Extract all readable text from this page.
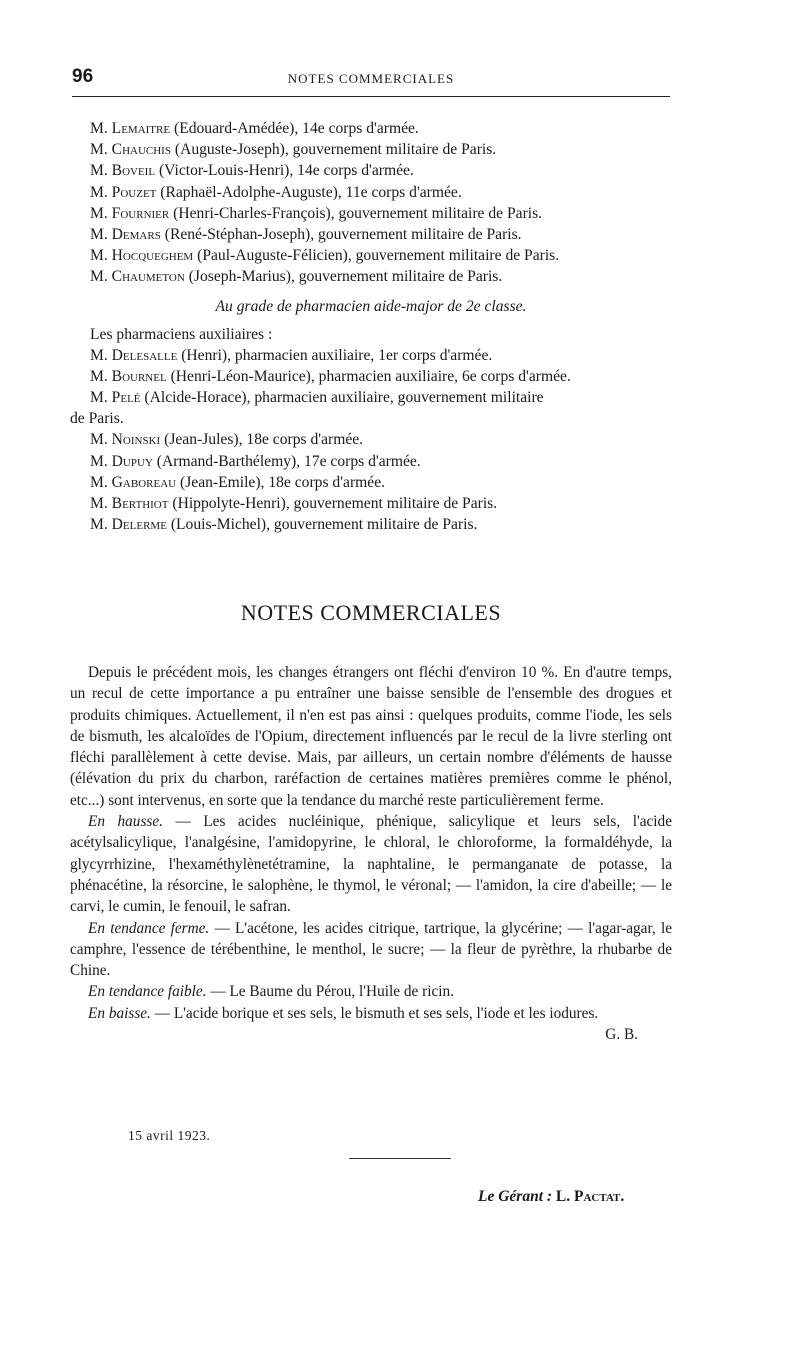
96	NOTES COMMERCIALES
M. Lemaitre (Edouard-Amédée), 14e corps d'armée.
M. Chauchis (Auguste-Joseph), gouvernement militaire de Paris.
M. Boveil (Victor-Louis-Henri), 14e corps d'armée.
M. Pouzet (Raphaël-Adolphe-Auguste), 11e corps d'armée.
M. Fournier (Henri-Charles-François), gouvernement militaire de Paris.
M. Demars (René-Stéphan-Joseph), gouvernement militaire de Paris.
M. Hocqueghem (Paul-Auguste-Félicien), gouvernement militaire de Paris.
M. Chaumeton (Joseph-Marius), gouvernement militaire de Paris.
Au grade de pharmacien aide-major de 2e classe.
Les pharmaciens auxiliaires :
M. Delesalle (Henri), pharmacien auxiliaire, 1er corps d'armée.
M. Bournel (Henri-Léon-Maurice), pharmacien auxiliaire, 6e corps d'armée.
M. Pelé (Alcide-Horace), pharmacien auxiliaire, gouvernement militaire
de Paris.
M. Noinski (Jean-Jules), 18e corps d'armée.
M. Dupuy (Armand-Barthélemy), 17e corps d'armée.
M. Gaboreau (Jean-Emile), 18e corps d'armée.
M. Berthiot (Hippolyte-Henri), gouvernement militaire de Paris.
M. Delerme (Louis-Michel), gouvernement militaire de Paris.
NOTES COMMERCIALES

Depuis le précédent mois, les changes étrangers ont fléchi d'environ 10 %. En d'autre temps, un recul de cette importance a pu entraîner une baisse sensible de l'ensemble des drogues et produits chimiques. Actuellement, il n'en est pas ainsi : quelques produits, comme l'iode, les sels de bismuth, les alcaloïdes de l'Opium, directement influencés par le recul de la livre sterling ont fléchi parallèlement à cette devise. Mais, par ailleurs, un certain nombre d'éléments de hausse (élévation du prix du charbon, raréfaction de certaines matières premières comme le phénol, etc...) sont intervenus, en sorte que la tendance du marché reste particulièrement ferme.

En hausse. — Les acides nucléinique, phénique, salicylique et leurs sels, l'acide acétylsalicylique, l'analgésine, l'amidopyrine, le chloral, le chloroforme, la formaldéhyde, la glycyrrhizine, l'hexaméthylènetétramine, la naphtaline, le permanganate de potasse, la phénacétine, la résorcine, le salophène, le thymol, le véronal; — l'amidon, la cire d'abeille; — le carvi, le cumin, le fenouil, le safran.

En tendance ferme. — L'acétone, les acides citrique, tartrique, la glycérine; — l'agar-agar, le camphre, l'essence de térébenthine, le menthol, le sucre; — la fleur de pyrèthre, la rhubarbe de Chine.

En tendance faible. — Le Baume du Pérou, l'Huile de ricin.

En baisse. — L'acide borique et ses sels, le bismuth et ses sels, l'iode et les iodures.
G. B.

15 avril 1923.
Le Gérant : L. Pactat.
